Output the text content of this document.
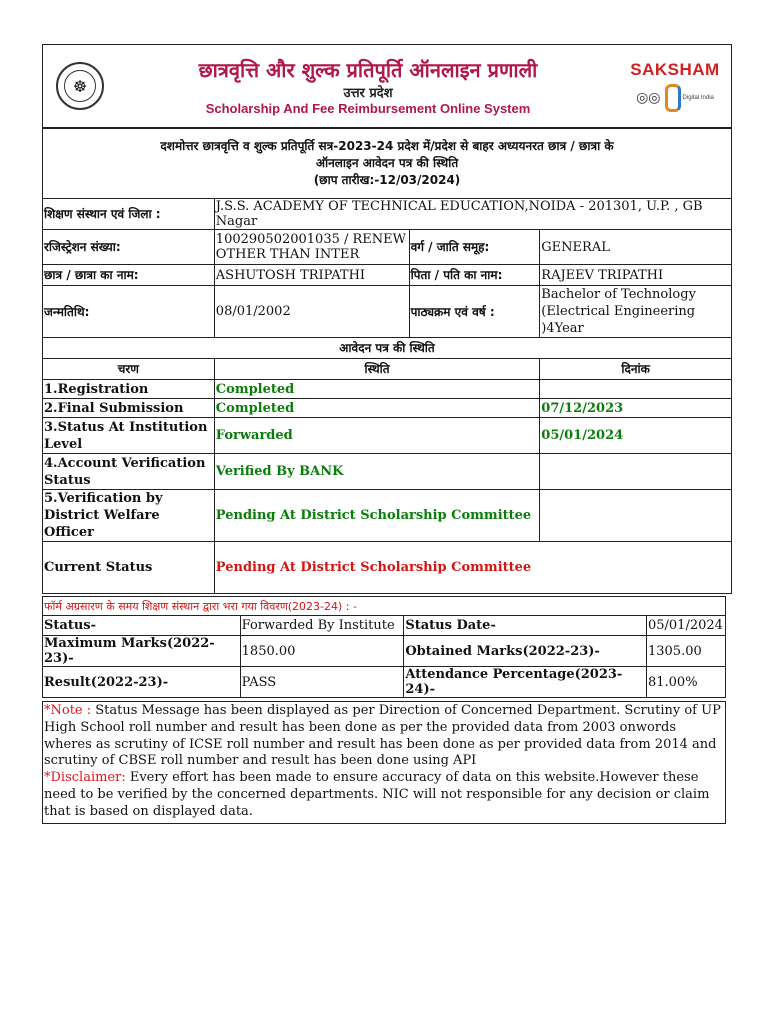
☸

छात्रवृत्ति और शुल्क प्रतिपूर्ति ऑनलाइन प्रणाली
उत्तर प्रदेश
Scholarship And Fee Reimbursement Online System

SAKSHAM
◎◎	Digital India
दशमोत्तर छात्रवृत्ति व शुल्क प्रतिपूर्ति सत्र-2023-24 प्रदेश में/प्रदेश से बाहर अध्ययनरत छात्र / छात्रा के
ऑनलाइन आवेदन पत्र की स्थिति
(छाप तारीख:-12/03/2024)			

शिक्षण संस्थान एवं जिला :	J.S.S. ACADEMY OF TECHNICAL EDUCATION,NOIDA - 201301, U.P. , GB Nagar		
रजिस्ट्रेशन संख्या:	100290502001035 / RENEW OTHER THAN INTER	वर्ग / जाति समूह:	GENERAL
छात्र / छात्रा का नाम:	ASHUTOSH TRIPATHI	पिता / पति का नाम:	RAJEEV TRIPATHI
जन्मतिथि:	08/01/2002	पाठ्यक्रम एवं वर्ष :	Bachelor of Technology (Electrical Engineering )4Year
आवेदन पत्र की स्थिति			
चरण	स्थिति		दिनांक
1.Registration	Completed		
2.Final Submission	Completed		07/12/2023
3.Status At Institution Level	Forwarded		05/01/2024
4.Account Verification Status	Verified By BANK		
5.Verification by District Welfare Officer	Pending At District Scholarship Committee		
Current Status	Pending At District Scholarship Committee		
फॉर्म अग्रसारण के समय शिक्षण संस्थान द्वारा भरा गया विवरण(2023-24) : -			
Status-	Forwarded By Institute	Status Date-	05/01/2024
Maximum Marks(2022-23)-	1850.00	Obtained Marks(2022-23)-	1305.00
Result(2022-23)-	PASS	Attendance Percentage(2023-24)-	81.00%
*Note : Status Message has been displayed as per Direction of Concerned Department. Scrutiny of UP High School roll number and result has been done as per the provided data from 2003 onwords wheres as scrutiny of ICSE roll number and result has been done as per provided data from 2014 and scrutiny of CBSE roll number and result has been done using API
*Disclaimer: Every effort has been made to ensure accuracy of data on this website.However these need to be verified by the concerned departments. NIC will not responsible for any decision or claim that is based on displayed data.
